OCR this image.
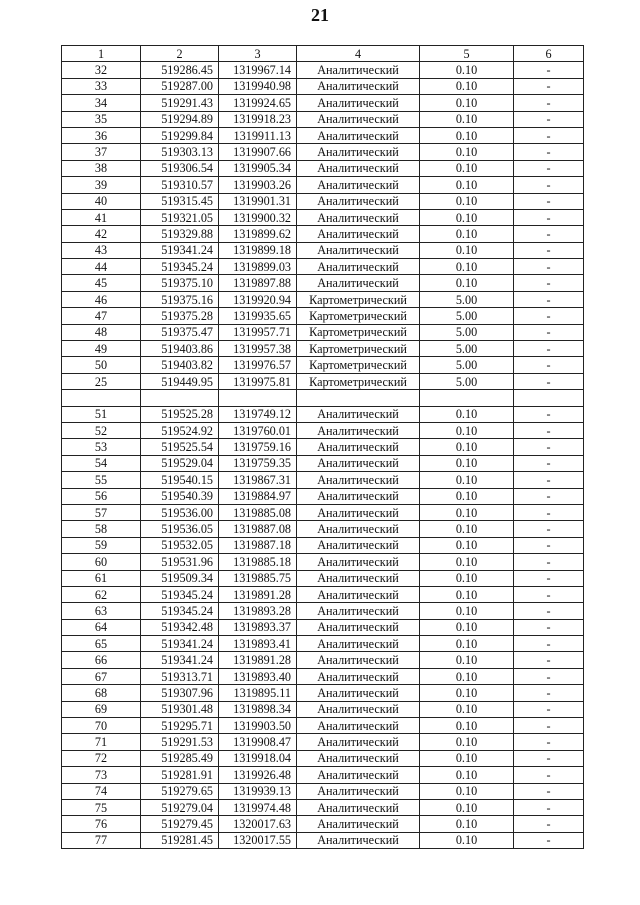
21
1	2	3	4	5	6
32	519286.45	1319967.14	Аналитический	0.10	-
33	519287.00	1319940.98	Аналитический	0.10	-
34	519291.43	1319924.65	Аналитический	0.10	-
35	519294.89	1319918.23	Аналитический	0.10	-
36	519299.84	1319911.13	Аналитический	0.10	-
37	519303.13	1319907.66	Аналитический	0.10	-
38	519306.54	1319905.34	Аналитический	0.10	-
39	519310.57	1319903.26	Аналитический	0.10	-
40	519315.45	1319901.31	Аналитический	0.10	-
41	519321.05	1319900.32	Аналитический	0.10	-
42	519329.88	1319899.62	Аналитический	0.10	-
43	519341.24	1319899.18	Аналитический	0.10	-
44	519345.24	1319899.03	Аналитический	0.10	-
45	519375.10	1319897.88	Аналитический	0.10	-
46	519375.16	1319920.94	Картометрический	5.00	-
47	519375.28	1319935.65	Картометрический	5.00	-
48	519375.47	1319957.71	Картометрический	5.00	-
49	519403.86	1319957.38	Картометрический	5.00	-
50	519403.82	1319976.57	Картометрический	5.00	-
25	519449.95	1319975.81	Картометрический	5.00	-

51	519525.28	1319749.12	Аналитический	0.10	-
52	519524.92	1319760.01	Аналитический	0.10	-
53	519525.54	1319759.16	Аналитический	0.10	-
54	519529.04	1319759.35	Аналитический	0.10	-
55	519540.15	1319867.31	Аналитический	0.10	-
56	519540.39	1319884.97	Аналитический	0.10	-
57	519536.00	1319885.08	Аналитический	0.10	-
58	519536.05	1319887.08	Аналитический	0.10	-
59	519532.05	1319887.18	Аналитический	0.10	-
60	519531.96	1319885.18	Аналитический	0.10	-
61	519509.34	1319885.75	Аналитический	0.10	-
62	519345.24	1319891.28	Аналитический	0.10	-
63	519345.24	1319893.28	Аналитический	0.10	-
64	519342.48	1319893.37	Аналитический	0.10	-
65	519341.24	1319893.41	Аналитический	0.10	-
66	519341.24	1319891.28	Аналитический	0.10	-
67	519313.71	1319893.40	Аналитический	0.10	-
68	519307.96	1319895.11	Аналитический	0.10	-
69	519301.48	1319898.34	Аналитический	0.10	-
70	519295.71	1319903.50	Аналитический	0.10	-
71	519291.53	1319908.47	Аналитический	0.10	-
72	519285.49	1319918.04	Аналитический	0.10	-
73	519281.91	1319926.48	Аналитический	0.10	-
74	519279.65	1319939.13	Аналитический	0.10	-
75	519279.04	1319974.48	Аналитический	0.10	-
76	519279.45	1320017.63	Аналитический	0.10	-
77	519281.45	1320017.55	Аналитический	0.10	-
